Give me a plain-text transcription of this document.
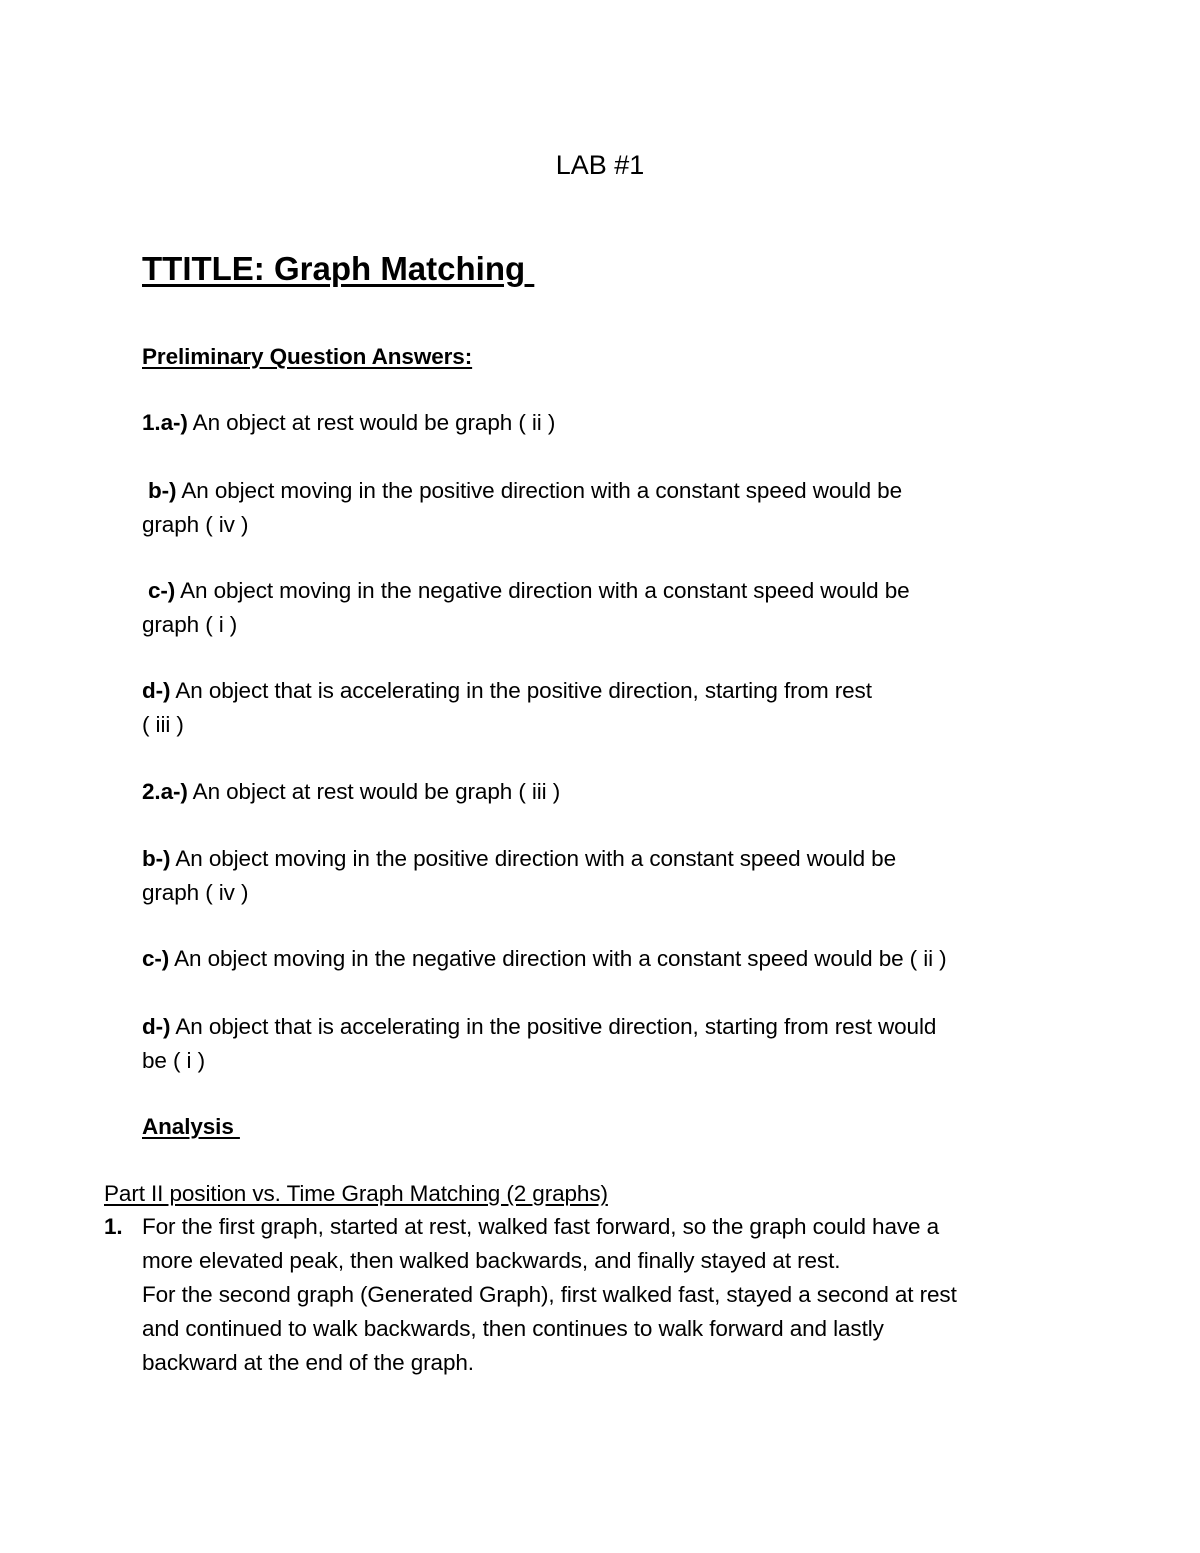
LAB #1
TTITLE: Graph Matching
Preliminary Question Answers:
1.a-) An object at rest would be graph ( ii )
b-) An object moving in the positive direction with a constant speed would be
graph ( iv )
c-) An object moving in the negative direction with a constant speed would be
graph ( i )
d-) An object that is accelerating in the positive direction, starting from rest
( iii )
2.a-) An object at rest would be graph ( iii )
b-) An object moving in the positive direction with a constant speed would be
graph ( iv )
c-) An object moving in the negative direction with a constant speed would be ( ii )
d-) An object that is accelerating in the positive direction, starting from rest would
be ( i )
Analysis
Part II position vs. Time Graph Matching (2 graphs)
1. For the first graph, started at rest, walked fast forward, so the graph could have a
more elevated peak, then walked backwards, and finally stayed at rest.
For the second graph (Generated Graph), first walked fast, stayed a second at rest
and continued to walk backwards, then continues to walk forward and lastly
backward at the end of the graph.
